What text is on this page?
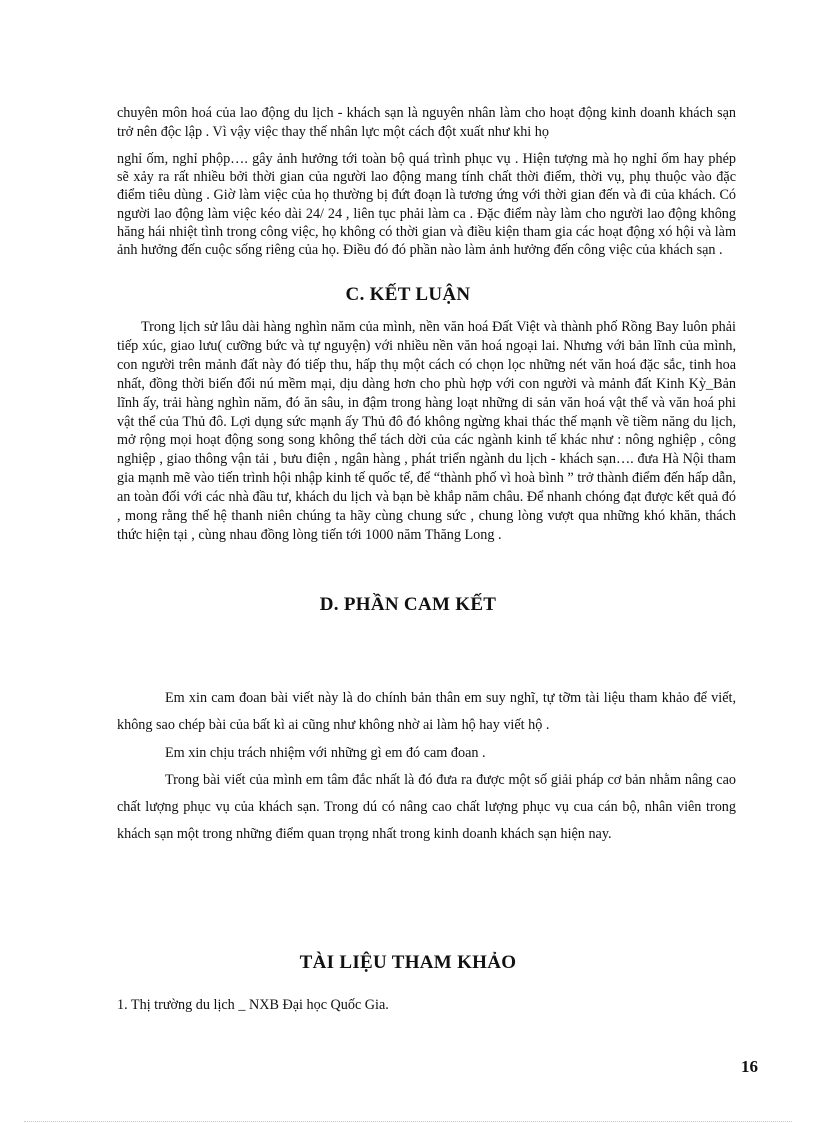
chuyên môn hoá của lao động du lịch - khách sạn là nguyên nhân làm cho hoạt động kinh doanh khách sạn trở nên độc lập . Vì vậy việc thay thế nhân lực một cách đột xuất như khi họ

nghỉ ốm, nghỉ phộp…. gây ảnh hưởng tới toàn bộ quá trình phục vụ . Hiện tượng mà họ nghỉ ốm hay phép sẽ xảy ra rất nhiều bởi thời gian của người lao động mang tính chất thời điểm, thời vụ, phụ thuộc vào đặc điểm tiêu dùng . Giờ làm việc của họ thường bị đứt đoạn là tương ứng với thời gian đến và đi của khách. Có người lao động làm việc kéo dài 24/ 24 , liên tục phải làm ca . Đặc điểm này làm cho người lao động không hăng hái nhiệt tình trong công việc, họ không có thời gian và điều kiện tham gia các hoạt động xó hội và làm ảnh hưởng đến cuộc sống riêng của họ. Điều đó đó phần nào làm ảnh hưởng đến công việc của khách sạn .

C. KẾT LUẬN

Trong lịch sử lâu dài hàng nghìn năm của mình, nền văn hoá Đất Việt và thành phố Rồng Bay luôn phải tiếp xúc, giao lưu( cưỡng bức và tự nguyện) với nhiều nền văn hoá ngoại lai. Nhưng với bản lĩnh của mình, con người trên mảnh đất này đó tiếp thu, hấp thụ một cách có chọn lọc những nét văn hoá đặc sắc, tinh hoa nhất, đồng thời biến đổi nú mềm mại, dịu dàng hơn cho phù hợp với con người và mảnh đất Kinh Kỳ_Bản lĩnh ấy, trải hàng nghìn năm, đó ăn sâu, in đậm trong hàng loạt những di sản văn hoá vật thể và văn hoá phi vật thể của Thủ đô. Lợi dụng sức mạnh ấy Thủ đô đó không ngừng khai thác thế mạnh về tiềm năng du lịch, mở rộng mọi hoạt động song song không thể tách dời của các ngành kinh tế khác như : nông nghiệp , công nghiệp , giao thông vận tải , bưu điện , ngân hàng , phát triển ngành du lịch - khách sạn…. đưa Hà Nội tham gia mạnh mẽ vào tiến trình hội nhập kinh tế quốc tế, để “thành phố vì hoà bình ” trở thành điểm đến hấp dẫn, an toàn đối với các nhà đầu tư, khách du lịch và bạn bè khắp năm châu. Để nhanh chóng đạt được kết quả đó , mong rằng thế hệ thanh niên chúng ta hãy cùng chung sức , chung lòng vượt qua những khó khăn, thách thức hiện tại , cùng nhau đồng lòng tiến tới 1000 năm Thăng Long .

D. PHẦN CAM KẾT

Em xin cam đoan bài viết này là do chính bản thân em suy nghĩ, tự tỡm tài liệu tham khảo để viết, không sao chép bài của bất kì ai cũng như không nhờ ai làm hộ hay viết hộ .

Em xin chịu trách nhiệm với những gì em đó cam đoan .

Trong bài viết của mình em tâm đắc nhất là đó đưa ra được một số giải pháp cơ bản nhằm nâng cao chất lượng phục vụ của khách sạn. Trong dú có nâng cao chất lượng phục vụ cua cán bộ, nhân viên trong khách sạn một trong những điểm quan trọng nhất trong kinh doanh khách sạn hiện nay.

TÀI LIỆU THAM KHẢO

1. Thị trường du lịch _ NXB Đại học Quốc Gia.

16
